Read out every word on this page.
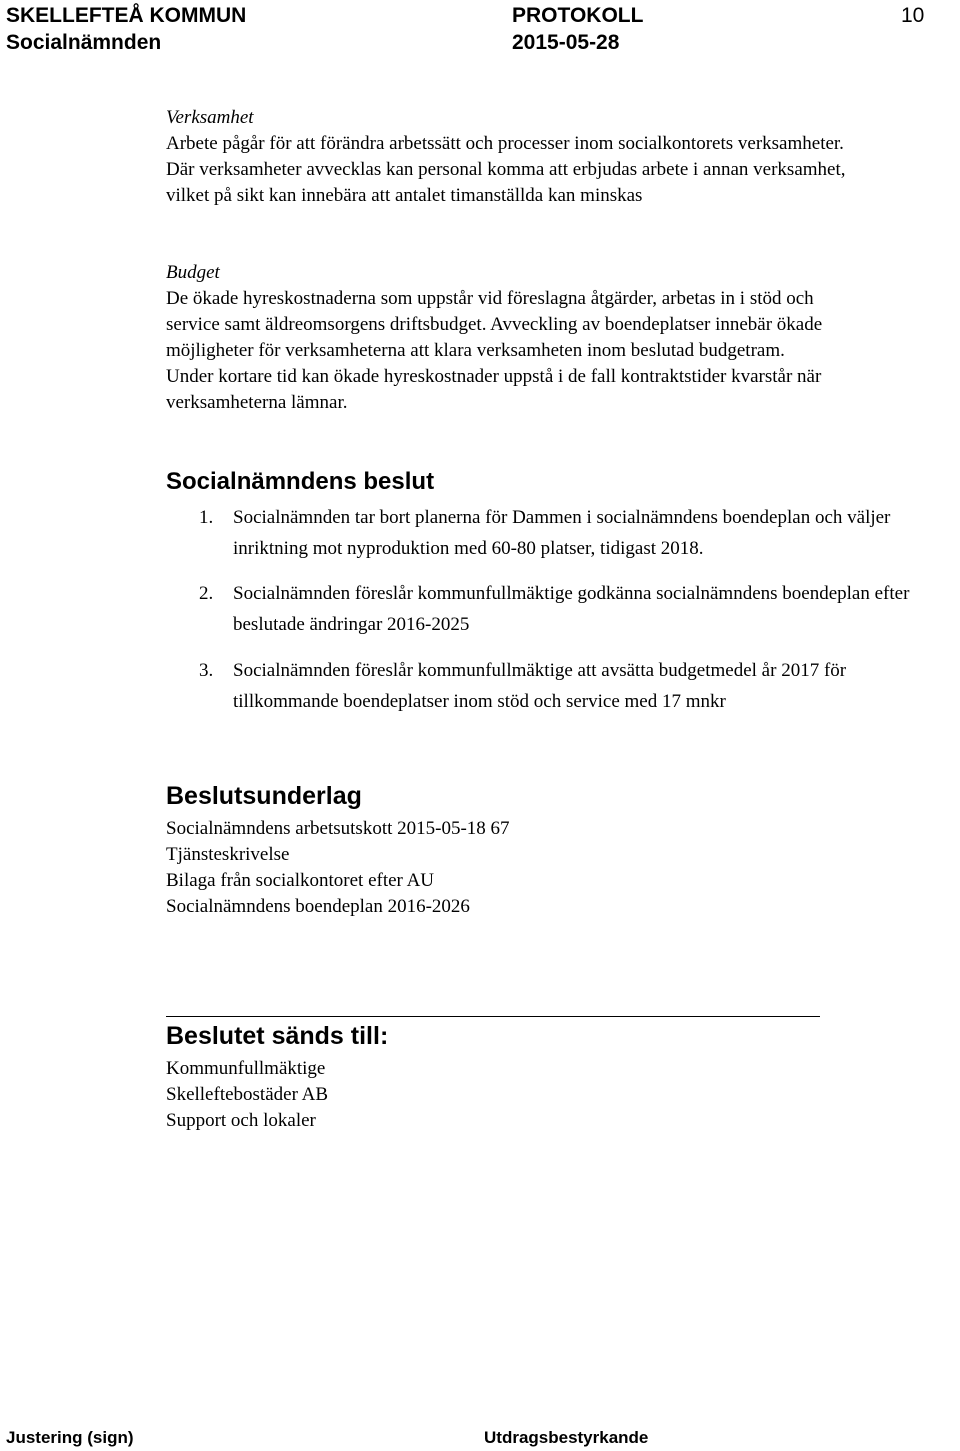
SKELLEFTEÅ KOMMUN
Socialnämnden
PROTOKOLL
2015-05-28
10

Verksamhet

Arbete pågår för att förändra arbetssätt och processer inom socialkontorets verksamheter. Där verksamheter avvecklas kan personal komma att erbjudas arbete i annan verksamhet, vilket på sikt kan innebära att antalet timanställda kan minskas

Budget

De ökade hyreskostnaderna som uppstår vid föreslagna åtgärder, arbetas in i stöd och service samt äldreomsorgens driftsbudget. Avveckling av boendeplatser innebär ökade möjligheter för verksamheterna att klara verksamheten inom beslutad budgetram.

Under kortare tid kan ökade hyreskostnader uppstå i de fall kontraktstider kvarstår när verksamheterna lämnar.

Socialnämndens beslut
1. Socialnämnden tar bort planerna för Dammen i socialnämndens boendeplan och väljer inriktning mot nyproduktion med 60-80 platser, tidigast 2018.
2. Socialnämnden föreslår kommunfullmäktige godkänna socialnämndens boendeplan efter beslutade ändringar 2016-2025
3. Socialnämnden föreslår kommunfullmäktige att avsätta budgetmedel år 2017 för tillkommande boendeplatser inom stöd och service med 17 mnkr
Beslutsunderlag
Socialnämndens arbetsutskott 2015-05-18 67
Tjänsteskrivelse
Bilaga från socialkontoret efter AU
Socialnämndens boendeplan 2016-2026
Beslutet sänds till:
Kommunfullmäktige
Skelleftebostäder AB
Support och lokaler
Justering (sign)	Utdragsbestyrkande
